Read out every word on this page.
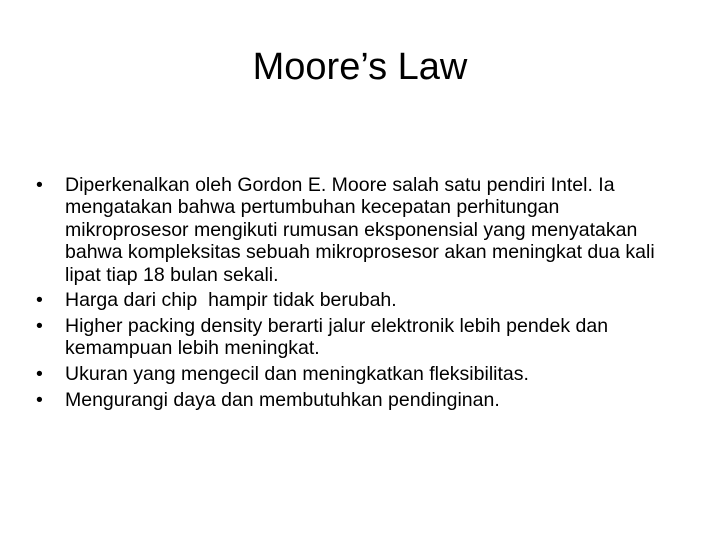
Moore’s Law
•	Diperkenalkan oleh Gordon E. Moore salah satu pendiri Intel. Ia mengatakan bahwa pertumbuhan kecepatan perhitungan mikroprosesor mengikuti rumusan eksponensial yang menyatakan bahwa kompleksitas sebuah mikroprosesor akan meningkat dua kali lipat tiap 18 bulan sekali.
•	Harga dari chip  hampir tidak berubah.
•	Higher packing density berarti jalur elektronik lebih pendek dan kemampuan lebih meningkat.
•	Ukuran yang mengecil dan meningkatkan fleksibilitas.
•	Mengurangi daya dan membutuhkan pendinginan.
